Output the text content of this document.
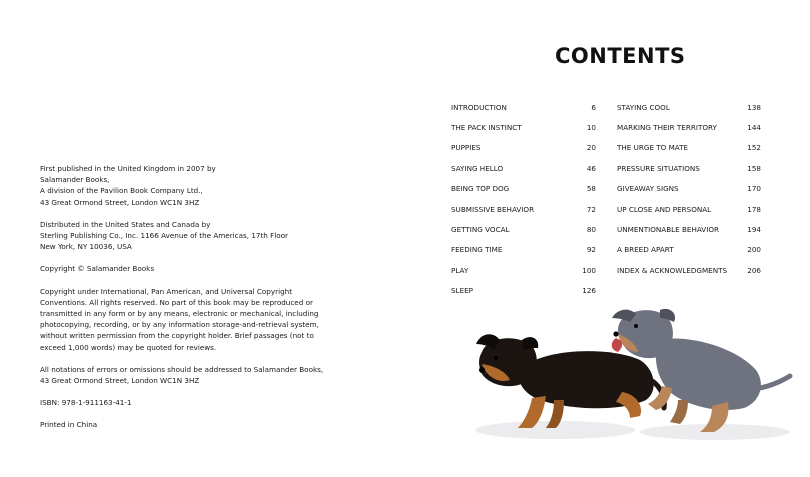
First published in the United Kingdom in 2007 by
Salamander Books,
A division of the Pavilion Book Company Ltd.,
43 Great Ormond Street, London WC1N 3HZ

Distributed in the United States and Canada by
Sterling Publishing Co., Inc. 1166 Avenue of the Americas, 17th Floor
New York, NY 10036, USA

Copyright © Salamander Books

Copyright under International, Pan American, and Universal Copyright
Conventions. All rights reserved. No part of this book may be reproduced or
transmitted in any form or by any means, electronic or mechanical, including
photocopying, recording, or by any information storage-and-retrieval system,
without written permission from the copyright holder. Brief passages (not to
exceed 1,000 words) may be quoted for reviews.

All notations of errors or omissions should be addressed to Salamander Books,
43 Great Ormond Street, London WC1N 3HZ

ISBN: 978-1-911163-41-1

Printed in China

CONTENTS
INTRODUCTION	6
THE PACK INSTINCT	10
PUPPIES	20
SAYING HELLO	46
BEING TOP DOG	58
SUBMISSIVE BEHAVIOR	72
GETTING VOCAL	80
FEEDING TIME	92
PLAY	100
SLEEP	126
STAYING COOL	138
MARKING THEIR TERRITORY	144
THE URGE TO MATE	152
PRESSURE SITUATIONS	158
GIVEAWAY SIGNS	170
UP CLOSE AND PERSONAL	178
UNMENTIONABLE BEHAVIOR	194
A BREED APART	200
INDEX & ACKNOWLEDGMENTS	206
